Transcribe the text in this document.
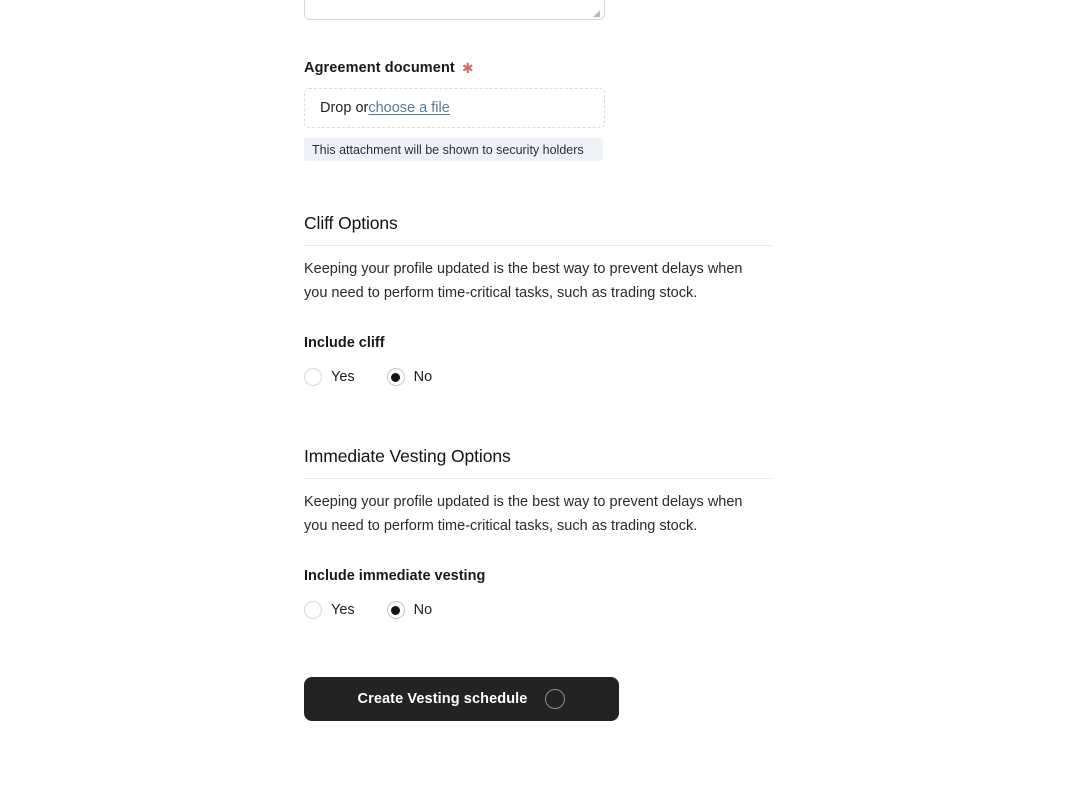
◢
Agreement document ✱
Drop or choose a file
This attachment will be shown to security holders
Cliff Options
Keeping your profile updated is the best way to prevent delays when you need to perform time-critical tasks, such as trading stock.
Include cliff
Yes	No
Immediate Vesting Options
Keeping your profile updated is the best way to prevent delays when you need to perform time-critical tasks, such as trading stock.
Include immediate vesting
Yes	No
Create Vesting schedule
